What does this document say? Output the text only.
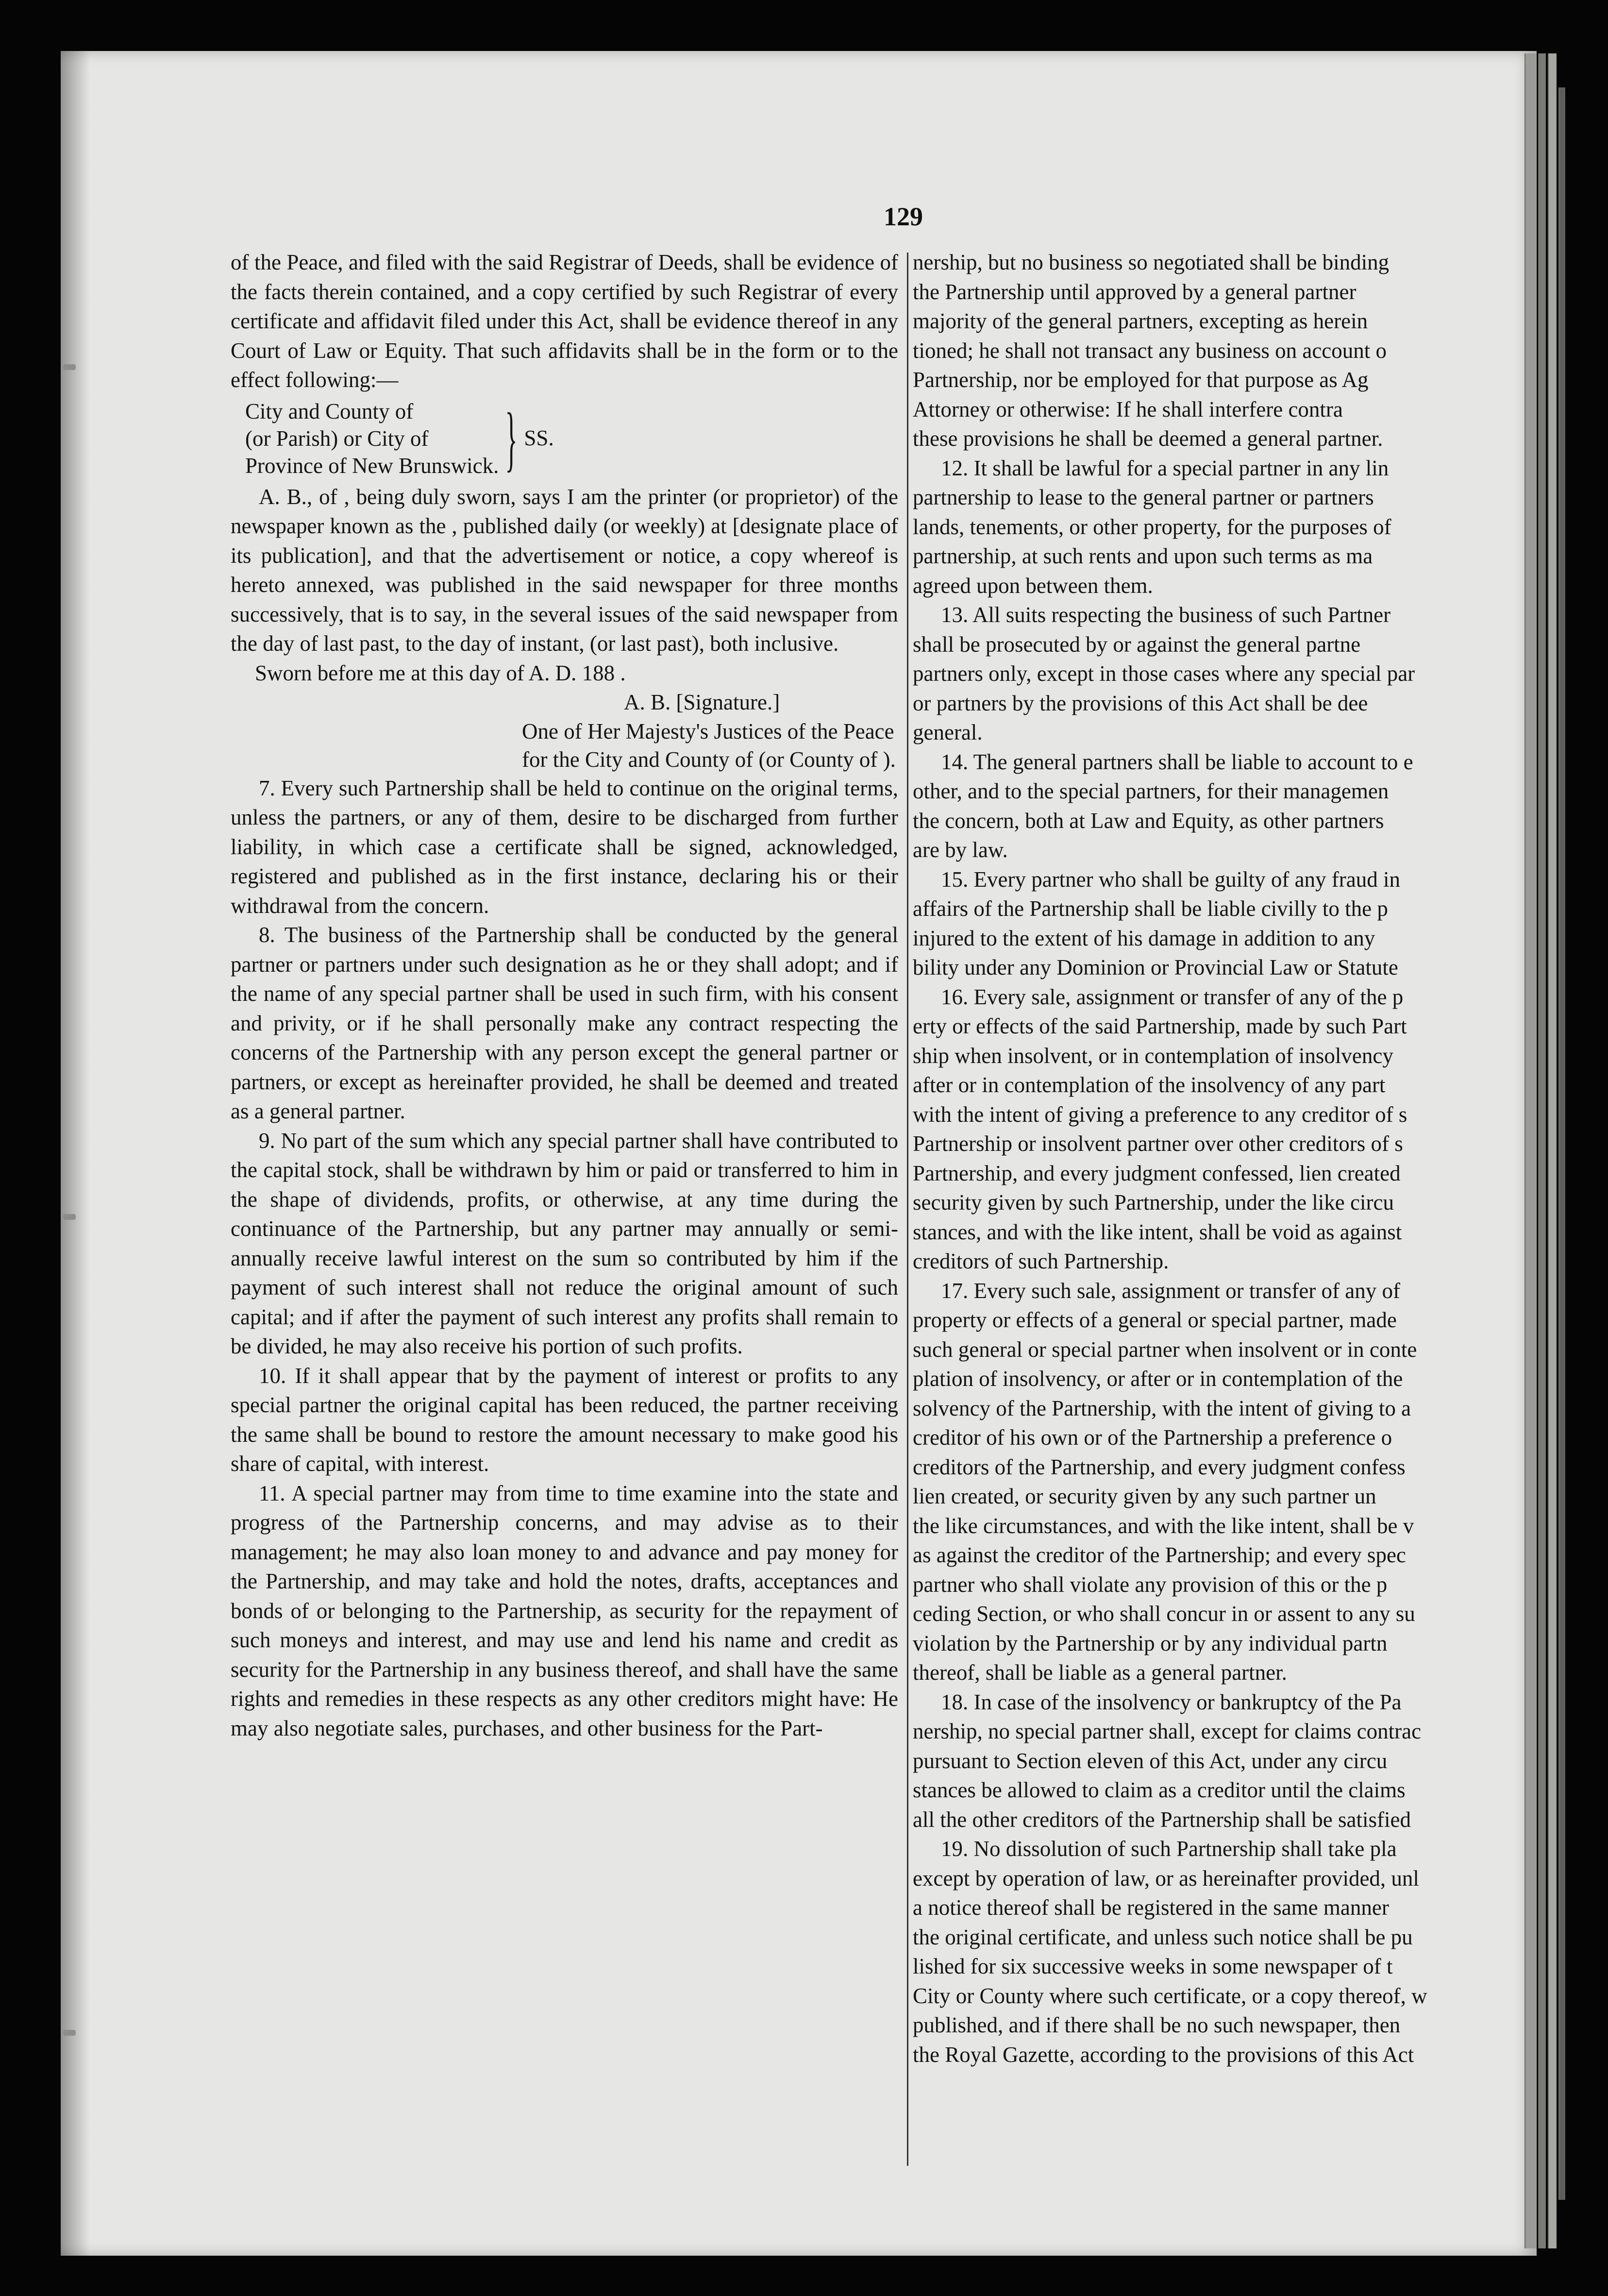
129

of the Peace, and filed with the said Registrar of Deeds, shall be evidence of the facts therein contained, and a copy certified by such Registrar of every certificate and affidavit filed under this Act, shall be evidence thereof in any Court of Law or Equity. That such affidavits shall be in the form or to the effect following:—

City and County of
(or Parish) or City of
Province of New Brunswick. } SS.

A. B., of , being duly sworn, says I am the printer (or proprietor) of the newspaper known as the , published daily (or weekly) at [designate place of its publication], and that the advertisement or notice, a copy whereof is hereto annexed, was published in the said newspaper for three months successively, that is to say, in the several issues of the said newspaper from the day of last past, to the day of instant, (or last past), both inclusive.

Sworn before me at this day of A. D. 188 .

A. B. [Signature.]

One of Her Majesty's Justices of the Peace for the City and County of (or County of ).

7. Every such Partnership shall be held to continue on the original terms, unless the partners, or any of them, desire to be discharged from further liability, in which case a certificate shall be signed, acknowledged, registered and published as in the first instance, declaring his or their withdrawal from the concern.

8. The business of the Partnership shall be conducted by the general partner or partners under such designation as he or they shall adopt; and if the name of any special partner shall be used in such firm, with his consent and privity, or if he shall personally make any contract respecting the concerns of the Partnership with any person except the general partner or partners, or except as hereinafter provided, he shall be deemed and treated as a general partner.

9. No part of the sum which any special partner shall have contributed to the capital stock, shall be withdrawn by him or paid or transferred to him in the shape of dividends, profits, or otherwise, at any time during the continuance of the Partnership, but any partner may annually or semi-annually receive lawful interest on the sum so contributed by him if the payment of such interest shall not reduce the original amount of such capital; and if after the payment of such interest any profits shall remain to be divided, he may also receive his portion of such profits.

10. If it shall appear that by the payment of interest or profits to any special partner the original capital has been reduced, the partner receiving the same shall be bound to restore the amount necessary to make good his share of capital, with interest.

11. A special partner may from time to time examine into the state and progress of the Partnership concerns, and may advise as to their management; he may also loan money to and advance and pay money for the Partnership, and may take and hold the notes, drafts, acceptances and bonds of or belonging to the Partnership, as security for the repayment of such moneys and interest, and may use and lend his name and credit as security for the Partnership in any business thereof, and shall have the same rights and remedies in these respects as any other creditors might have: He may also negotiate sales, purchases, and other business for the Part-

nership, but no business so negotiated shall be binding

the Partnership until approved by a general partner

majority of the general partners, excepting as herein

tioned; he shall not transact any business on account o

Partnership, nor be employed for that purpose as Ag

Attorney or otherwise: If he shall interfere contra

these provisions he shall be deemed a general partner.

12. It shall be lawful for a special partner in any lin

partnership to lease to the general partner or partners

lands, tenements, or other property, for the purposes of

partnership, at such rents and upon such terms as ma

agreed upon between them.

13. All suits respecting the business of such Partner

shall be prosecuted by or against the general partne

partners only, except in those cases where any special par

or partners by the provisions of this Act shall be dee

general.

14. The general partners shall be liable to account to e

other, and to the special partners, for their managemen

the concern, both at Law and Equity, as other partners

are by law.

15. Every partner who shall be guilty of any fraud in

affairs of the Partnership shall be liable civilly to the p

injured to the extent of his damage in addition to any

bility under any Dominion or Provincial Law or Statute

16. Every sale, assignment or transfer of any of the p

erty or effects of the said Partnership, made by such Part

ship when insolvent, or in contemplation of insolvency

after or in contemplation of the insolvency of any part

with the intent of giving a preference to any creditor of s

Partnership or insolvent partner over other creditors of s

Partnership, and every judgment confessed, lien created

security given by such Partnership, under the like circu

stances, and with the like intent, shall be void as against

creditors of such Partnership.

17. Every such sale, assignment or transfer of any of

property or effects of a general or special partner, made

such general or special partner when insolvent or in conte

plation of insolvency, or after or in contemplation of the

solvency of the Partnership, with the intent of giving to a

creditor of his own or of the Partnership a preference o

creditors of the Partnership, and every judgment confess

lien created, or security given by any such partner un

the like circumstances, and with the like intent, shall be v

as against the creditor of the Partnership; and every spec

partner who shall violate any provision of this or the p

ceding Section, or who shall concur in or assent to any su

violation by the Partnership or by any individual partn

thereof, shall be liable as a general partner.

18. In case of the insolvency or bankruptcy of the Pa

nership, no special partner shall, except for claims contrac

pursuant to Section eleven of this Act, under any circu

stances be allowed to claim as a creditor until the claims

all the other creditors of the Partnership shall be satisfied

19. No dissolution of such Partnership shall take pla

except by operation of law, or as hereinafter provided, unl

a notice thereof shall be registered in the same manner

the original certificate, and unless such notice shall be pu

lished for six successive weeks in some newspaper of t

City or County where such certificate, or a copy thereof, w

published, and if there shall be no such newspaper, then

the Royal Gazette, according to the provisions of this Act
